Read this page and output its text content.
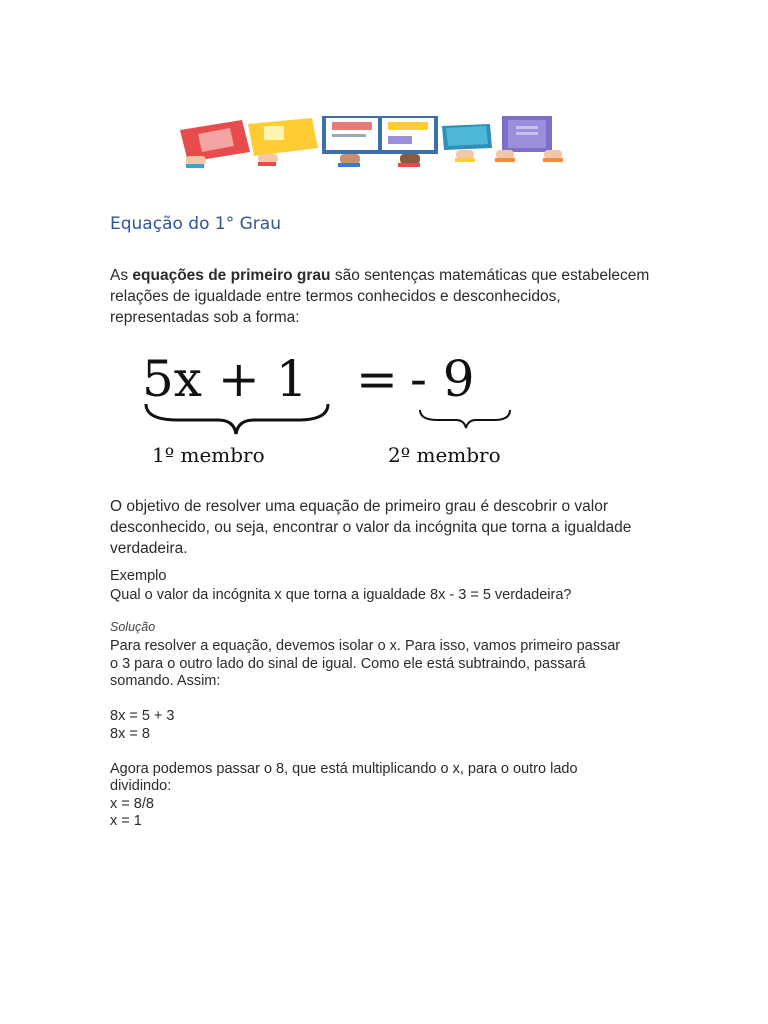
Equação do 1° Grau

As equações de primeiro grau são sentenças matemáticas que estabelecem relações de igualdade entre termos conhecidos e desconhecidos, representadas sob a forma:

5x + 1 = - 9
1º membro	2º membro

O objetivo de resolver uma equação de primeiro grau é descobrir o valor desconhecido, ou seja, encontrar o valor da incógnita que torna a igualdade verdadeira.

Exemplo
Qual o valor da incógnita x que torna a igualdade 8x - 3 = 5 verdadeira?
Solução
Para resolver a equação, devemos isolar o x. Para isso, vamos primeiro passar
o 3 para o outro lado do sinal de igual. Como ele está subtraindo, passará
somando. Assim:
8x = 5 + 3
8x = 8
Agora podemos passar o 8, que está multiplicando o x, para o outro lado
dividindo:
x = 8/8
x = 1
